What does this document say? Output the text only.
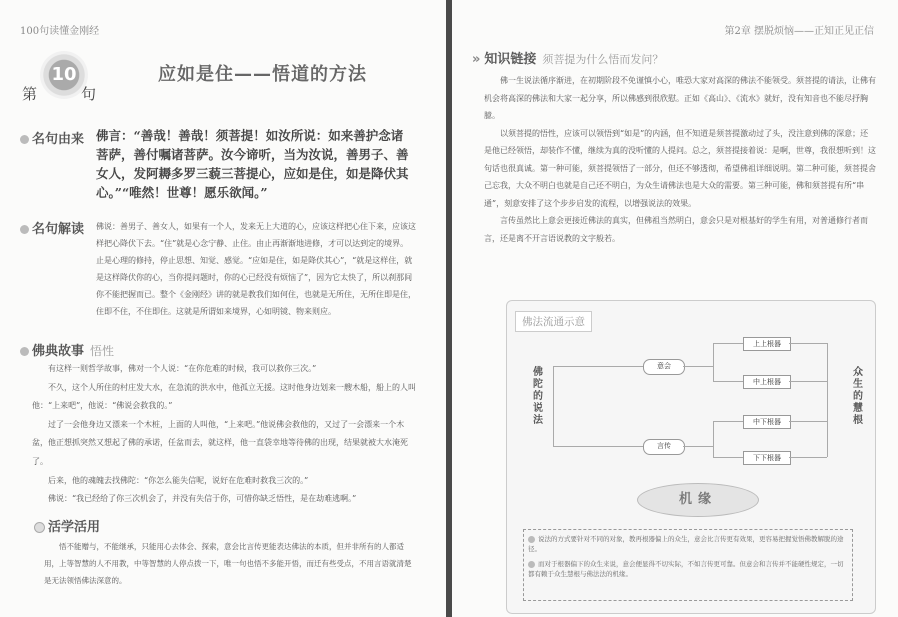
100句读懂金刚经
10
第	句
应如是住——悟道的方法
名句由来 佛言：“善哉！善哉！须菩提！如汝所说：如来善护念诸菩萨，善付嘱诸菩萨。汝今谛听，当为汝说，善男子、善女人，发阿耨多罗三藐三菩提心，应如是住，如是降伏其心。”“唯然！世尊！愿乐欲闻。”
名句解读 佛说：善男子、善女人，如果有一个人，发来无上大道的心，应该这样把心住下来，应该这样把心降伏下去。“住”就是心念宁静、止住。由止再渐渐地进修，才可以达到定的境界。止是心理的修持，停止思想、知觉、感觉。“应如是住，如是降伏其心”，“就是这样住，就是这样降伏你的心，当你提问题时，你的心已经没有烦恼了”，因为它太快了，所以刹那间你不能把握而已。整个《金刚经》讲的就是教我们如何住，也就是无所住，无所住即是住，住即不住，不住即住。这就是所谓如来境界，心如明镜、物来则应。
佛典故事 悟性

有这样一则哲学故事，佛对一个人说：“在你危难的时候，我可以救你三次。”

不久，这个人所住的村庄发大水，在急流的洪水中，他孤立无援。这时他身边划来一艘木船，船上的人叫他：“上来吧”，他说：“佛说会救我的。”

过了一会他身边又漂来一个木桩，上面的人叫他，“上来吧。”他说佛会救他的，又过了一会漂来一个木盆，他正想抓突然又想起了佛的承诺，任盆而去，就这样，他一直袋幸地等待佛的出现，结果就被大水淹死了。

后来，他的魂魄去找佛陀：“你怎么能失信呢，说好在危难时救我三次的。”

佛说：“我已经给了你三次机会了，并没有失信于你，可惜你缺乏悟性，是在劫难逃啊。”

活学活用
悟不能赠与，不能继承，只能用心去体会、探索，意会比言传更能表达佛法的本质，但并非所有的人都适用，上等智慧的人不用教，中等智慧的人停点拨一下，唯一句也悟不多能开悟，而迁有些受点，不用言语就清楚是无法领悟佛法深意的。
第2章 摆脱烦恼——正知正见正信
» 知识链接 须菩提为什么悟而发问？

佛一生说法循序渐进，在初期阶段不免谨慎小心，唯恐大家对高深的佛法不能领受。须菩提的请法，让佛有机会将高深的佛法和大家一起分享，所以佛感到很欣慰。正如《高山》、《流水》就好，没有知音也不能尽抒胸臆。

以须菩提的悟性，应该可以领悟到“如是”的内涵，但不知道是须菩提激动过了头，没注意到佛的深意；还是他已经领悟，却装作不懂，继续为真的没听懂的人提问。总之，须菩提接着说：是啊，世尊，我很想听到！这句话也很真诚。第一种可能，须菩提领悟了一部分，但还不够透彻，希望佛祖详细说明。第二种可能，须菩提舍己忘我，大众不明白也就是自己还不明白，为众生请佛法也是大众的需要。第三种可能，佛和须菩提有所“串通”，刻意安排了这个步步启发的流程，以增强说法的效果。

言传虽然比上意会更接近佛法的真实，但佛祖当然明白，意会只是对根基好的学生有用，对普通修行者而言，还是离不开言语说教的文字般若。

佛法流通示意
佛陀的说法
众生的慧根
意会
言传
上上根器
中上根器
中下根器
下下根器
机缘

说法的方式要针对不同的对象，教再根器偏上的众生，意会比言传更有效果，更容易把握觉悟佛教解脱的途径。

而对于根器偏下的众生来说，意会便显得不切实际，不如言传更可靠。但意会和言传并不能硬性规定，一切都有赖于众生慧根与佛法法的机缘。
